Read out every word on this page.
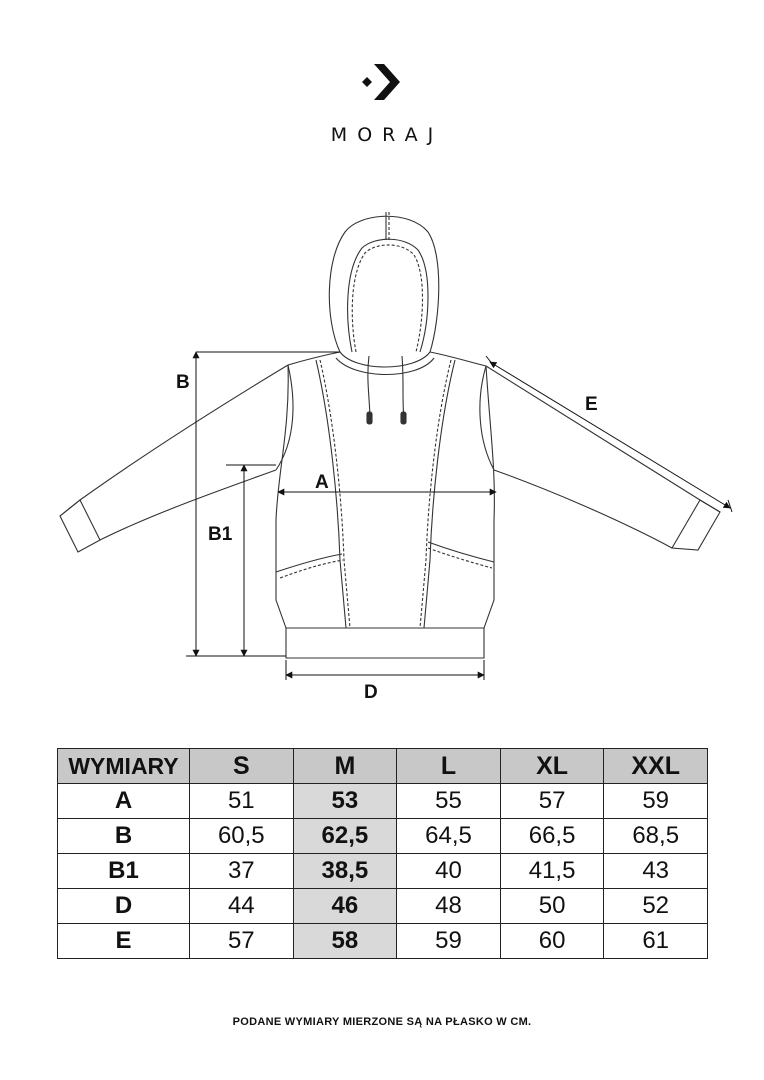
MORAJ
A
B
B1
D
E
WYMIARY	S	M	L	XL	XXL
A	51	53	55	57	59
B	60,5	62,5	64,5	66,5	68,5
B1	37	38,5	40	41,5	43
D	44	46	48	50	52
E	57	58	59	60	61
PODANE WYMIARY MIERZONE SĄ NA PŁASKO W CM.
